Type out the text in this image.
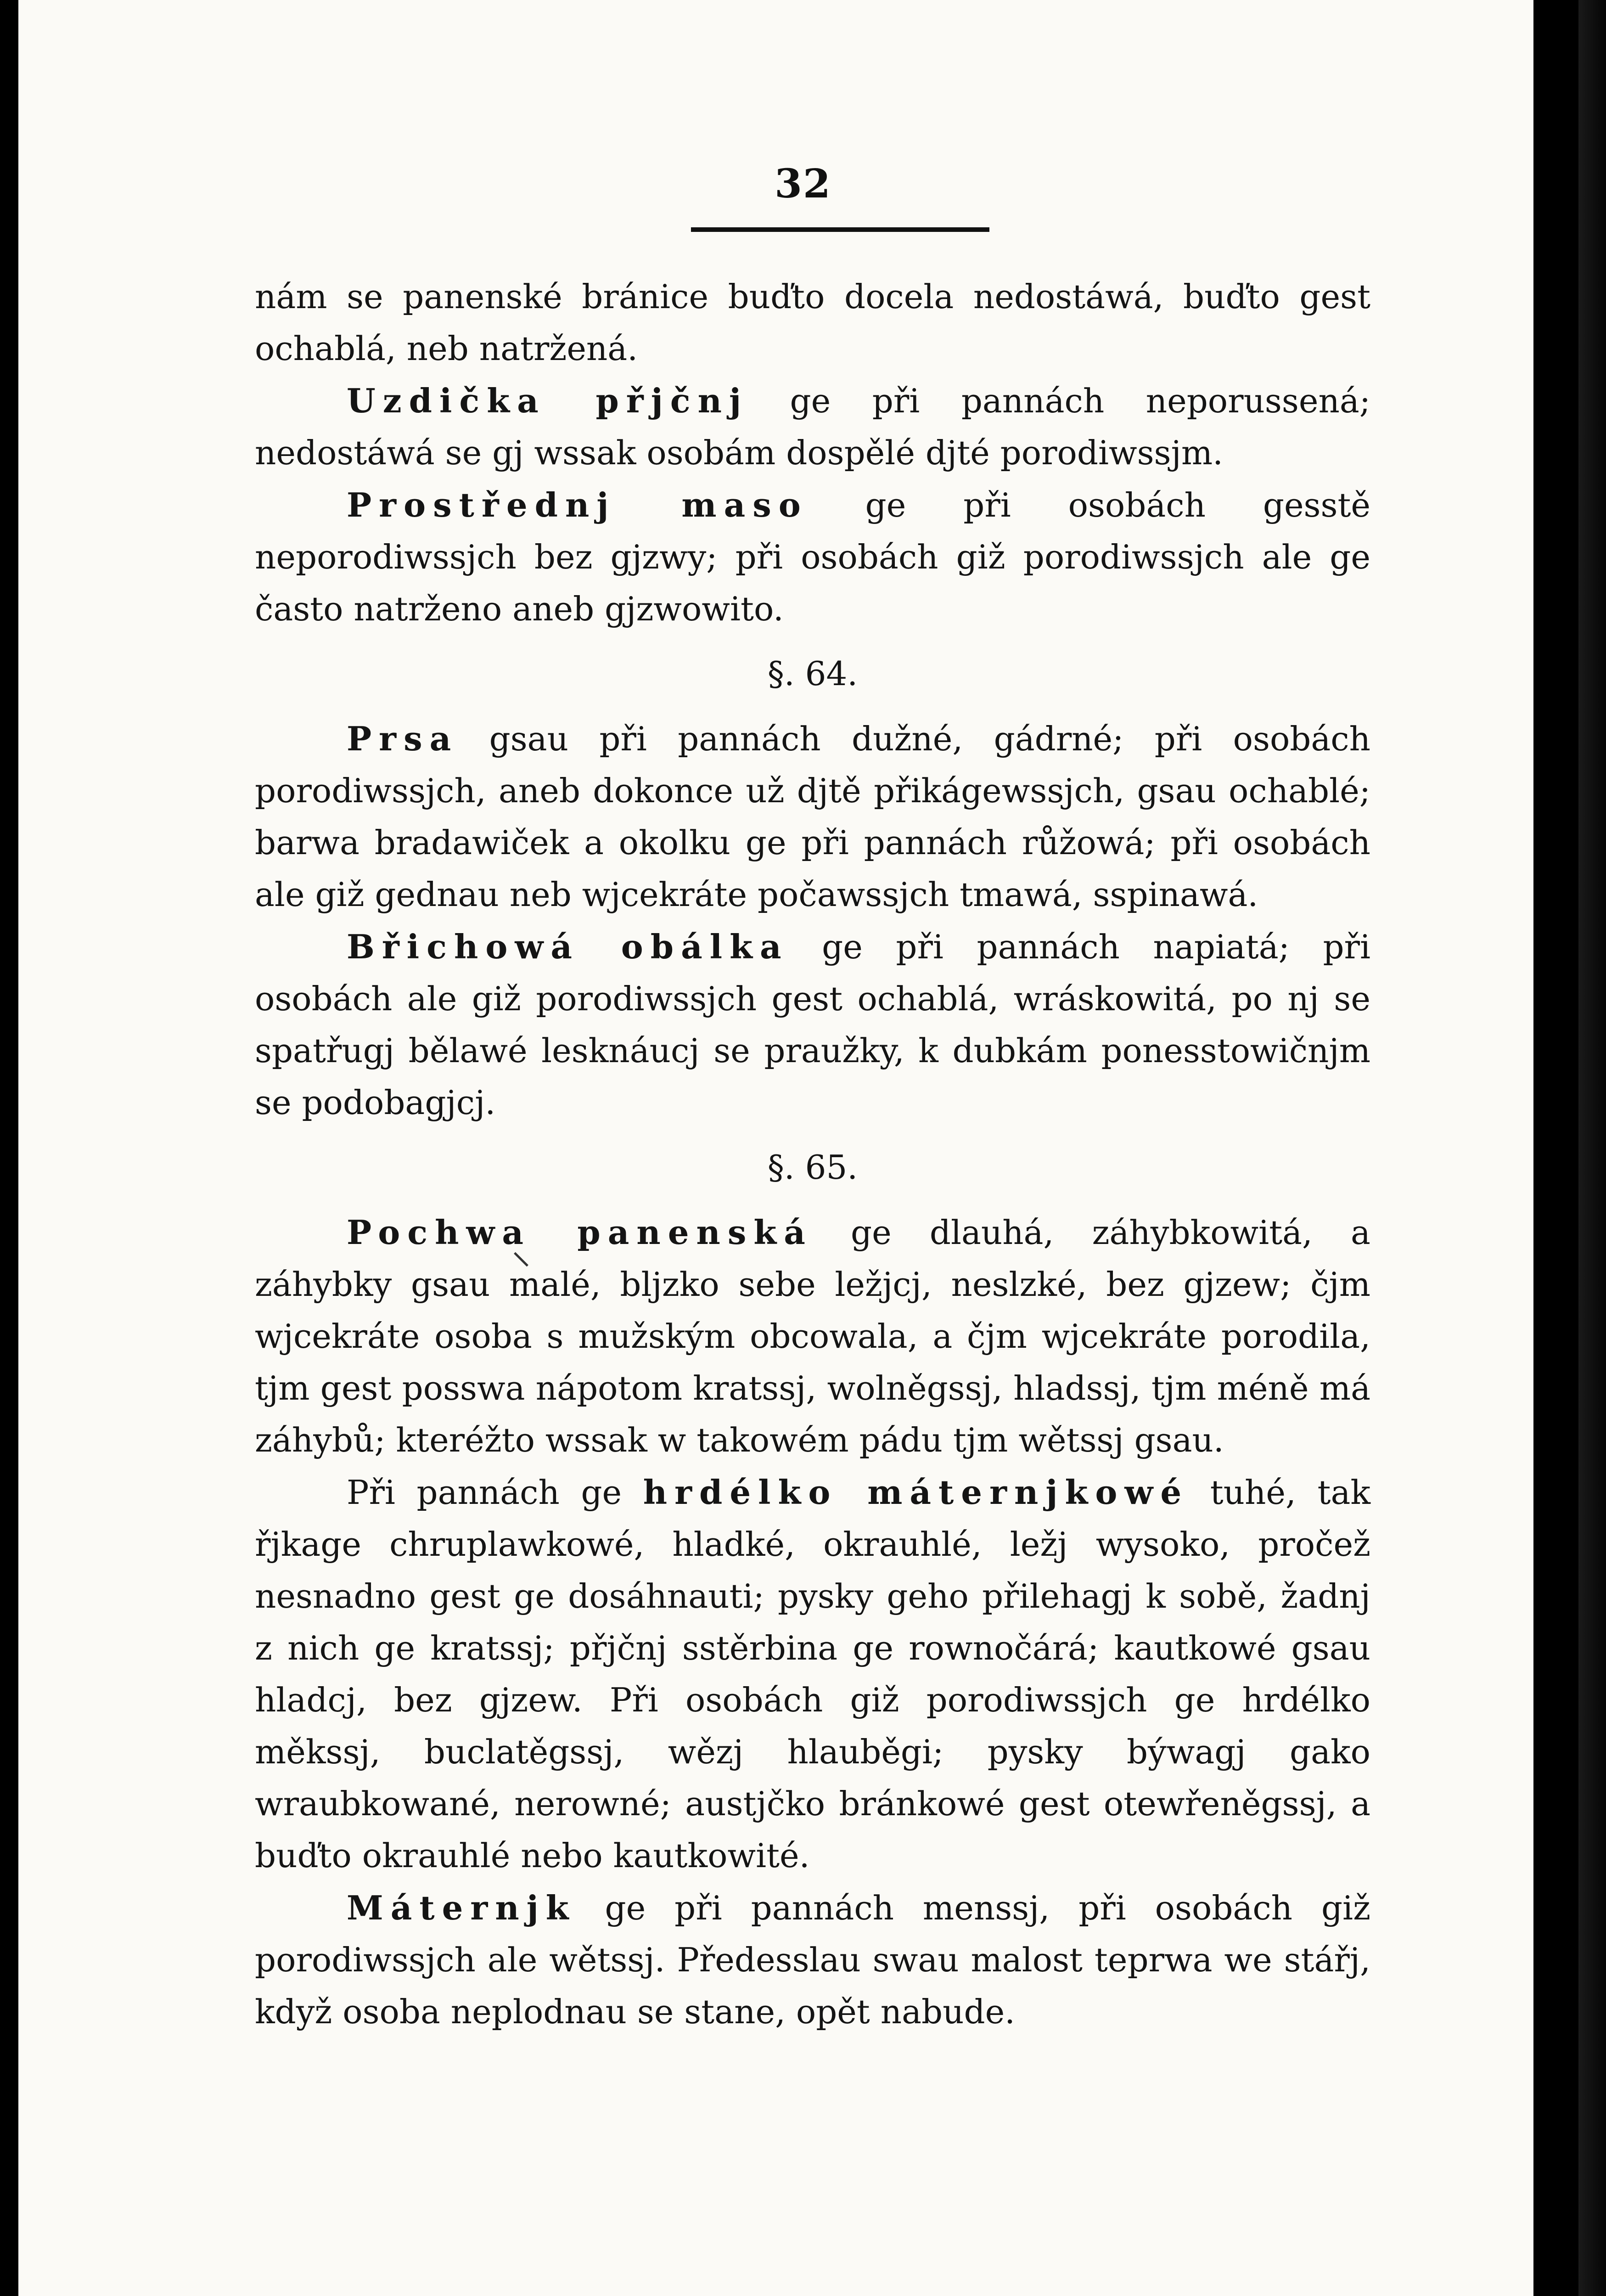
32

nám se panenské bránice buďto docela nedostáwá, buďto gest ochablá, neb natržená.

Uzdička přjčnj ge při pannách neporussená; nedostáwá se gj wssak osobám dospělé djté porodiwssjm.

Prostřednj maso ge při osobách gesstě neporodiwssjch bez gjzwy; při osobách giž porodiwssjch ale ge často natrženo aneb gjzwowito.

§. 64.

Prsa gsau při pannách dužné, gádrné; při osobách porodiwssjch, aneb dokonce už djtě přikágewssjch, gsau ochablé; barwa bradawiček a okolku ge při pannách růžowá; při osobách ale giž gednau neb wjcekráte počawssjch tmawá, sspinawá.

Břichowá obálka ge při pannách napiatá; při osobách ale giž porodiwssjch gest ochablá, wráskowitá, po nj se spatřugj bělawé lesknáucj se praužky, k dubkám ponesstowičnjm se podobagjcj.

§. 65.

Pochwa panenská ge dlauhá, záhybkowitá, a záhybky gsau malé, bljzko sebe ležjcj, neslzké, bez gjzew; čjm wjcekráte osoba s mužským obcowala, a čjm wjcekráte porodila, tjm gest posswa nápotom kratssj, wolněgssj, hladssj, tjm méně má záhybů; kteréžto wssak w takowém pádu tjm wětssj gsau.

Při pannách ge hrdélko máternjkowé tuhé, tak řjkage chruplawkowé, hladké, okrauhlé, ležj wysoko, pročež nesnadno gest ge dosáhnauti; pysky geho přilehagj k sobě, žadnj z nich ge kratssj; přjčnj sstěrbina ge rownočárá; kautkowé gsau hladcj, bez gjzew. Při osobách giž porodiwssjch ge hrdélko měkssj, buclatěgssj, wězj hlauběgi; pysky býwagj gako wraubkowané, nerowné; austjčko bránkowé gest otewřeněgssj, a buďto okrauhlé nebo kautkowité.

Máternjk ge při pannách menssj, při osobách giž porodiwssjch ale wětssj. Předesslau swau malost teprwa we stářj, když osoba neplodnau se stane, opět nabude.
